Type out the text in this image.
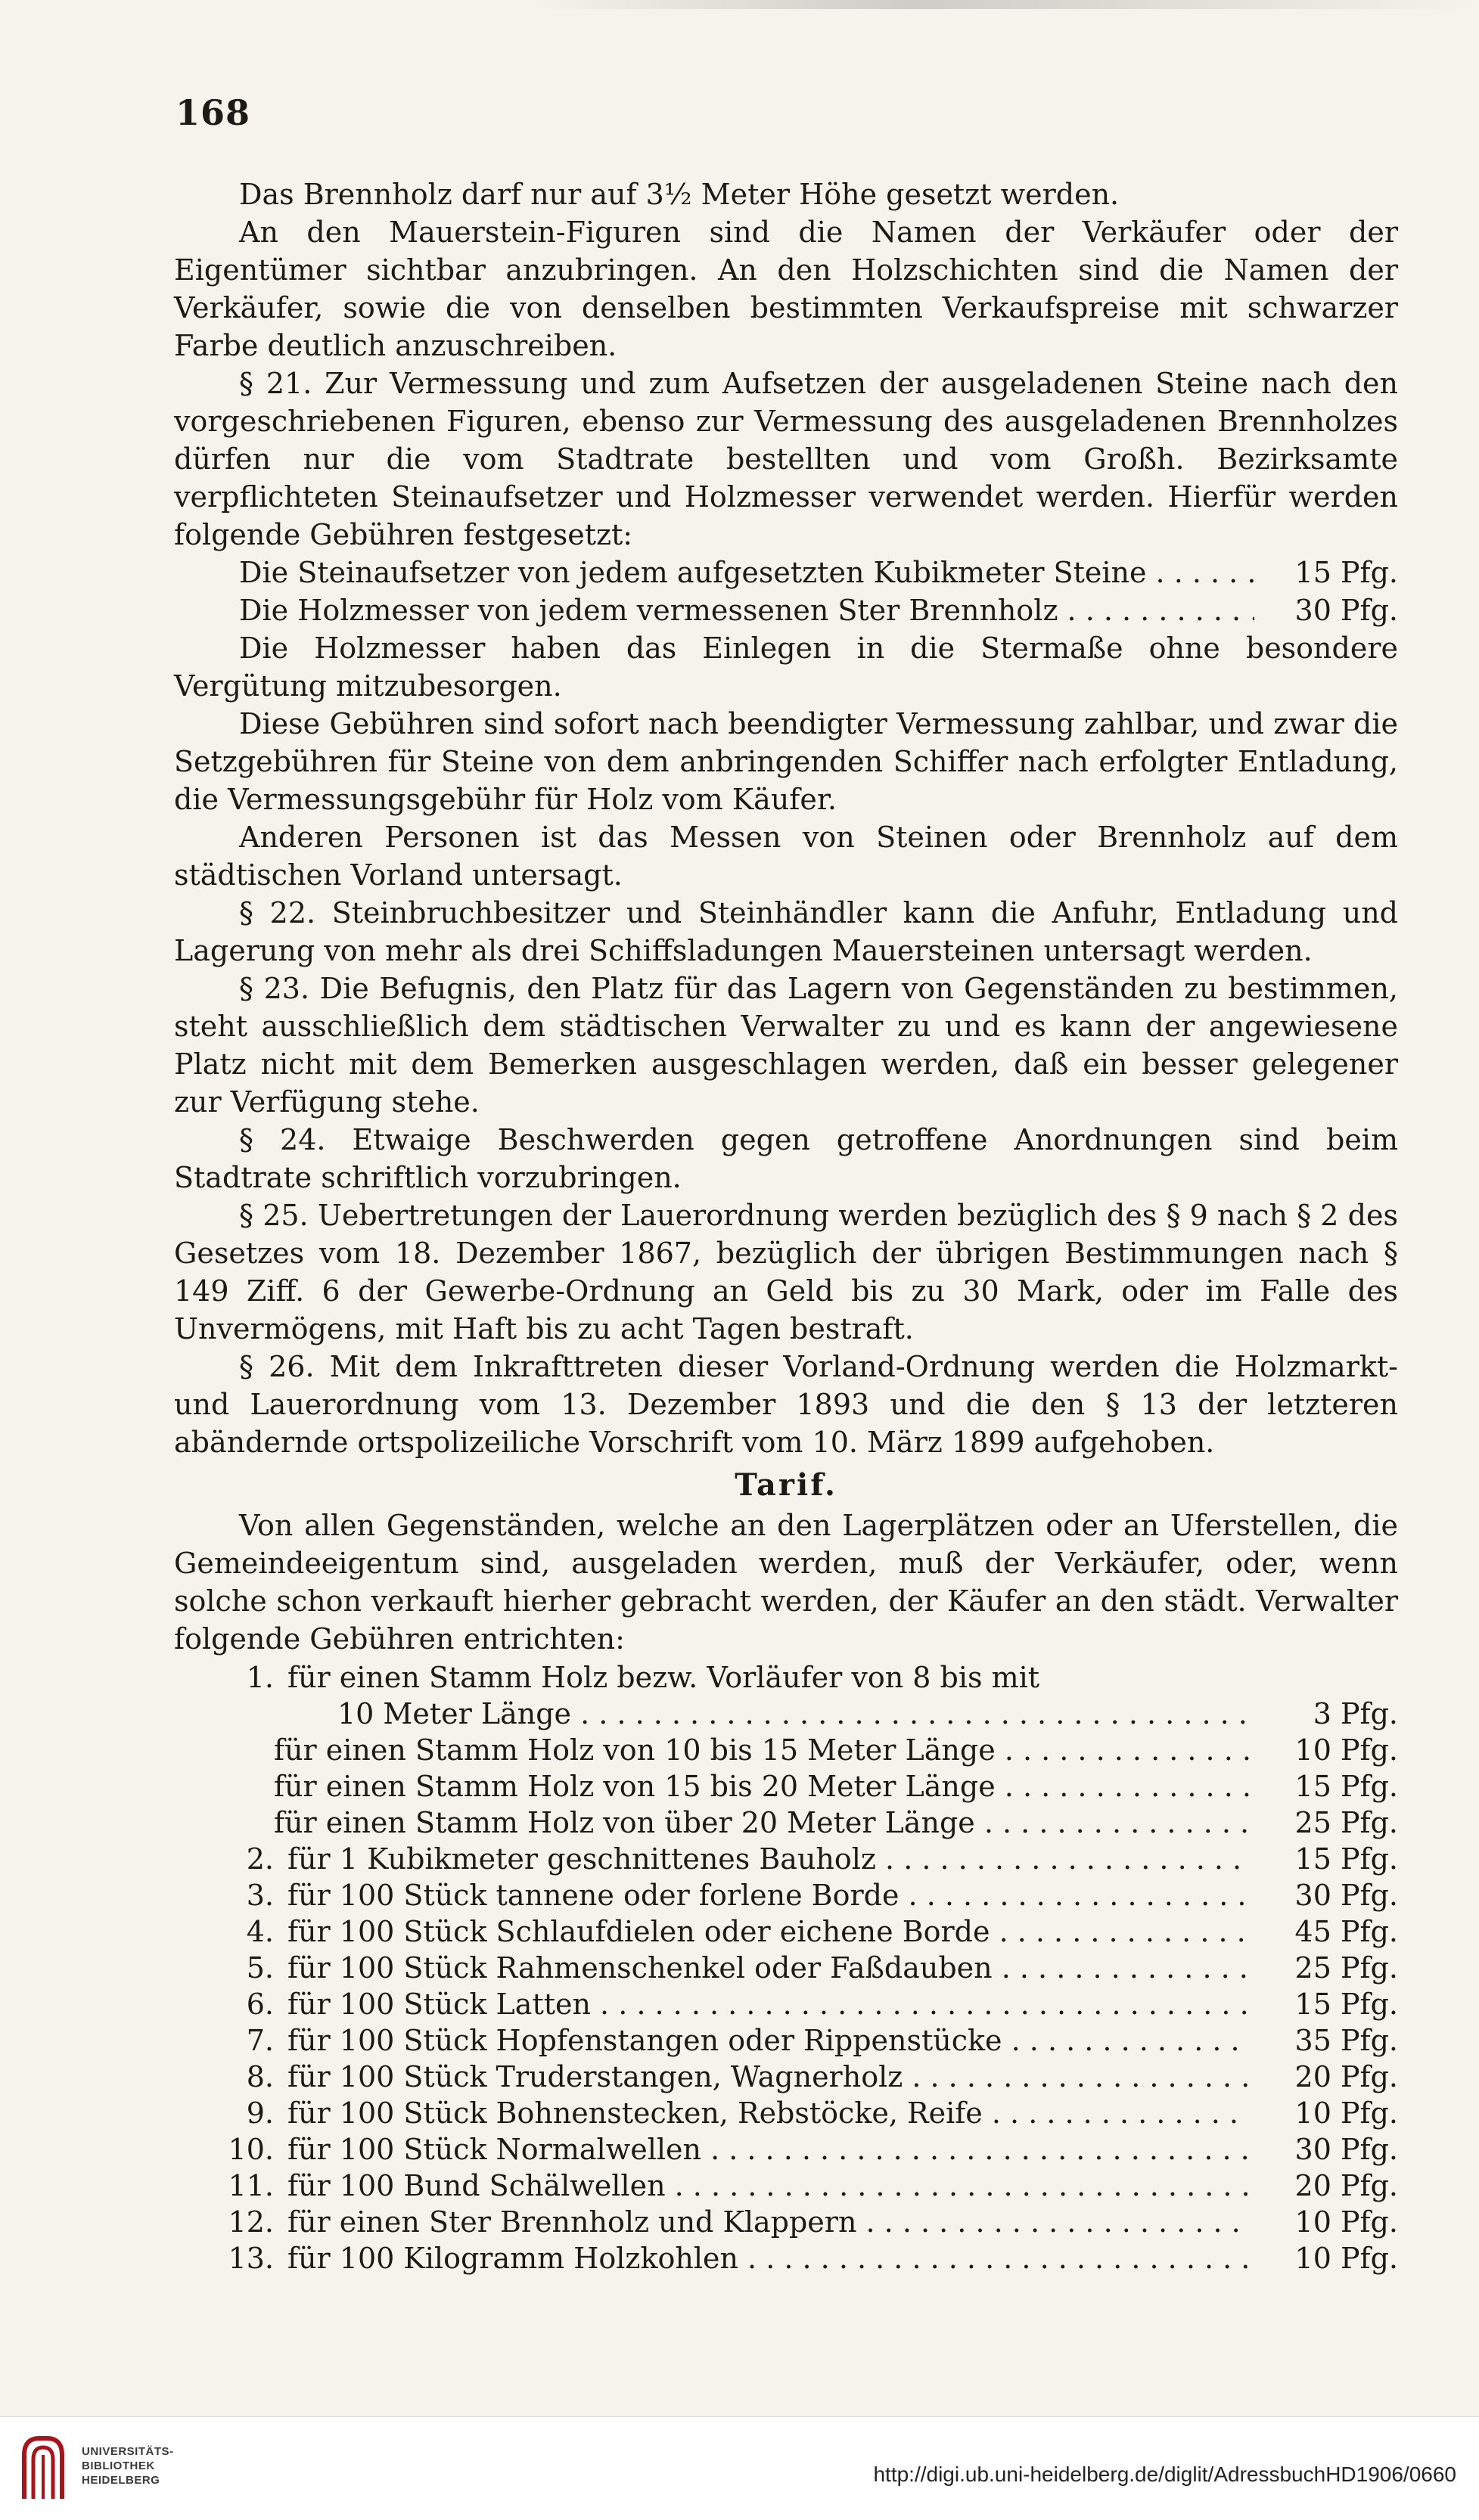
168

Das Brennholz darf nur auf 3½ Meter Höhe gesetzt werden.

An den Mauerstein-Figuren sind die Namen der Verkäufer oder der Eigentümer sichtbar anzubringen. An den Holzschichten sind die Namen der Verkäufer, sowie die von denselben bestimmten Verkaufspreise mit schwarzer Farbe deutlich anzuschreiben.

§ 21. Zur Vermessung und zum Aufsetzen der ausgeladenen Steine nach den vorgeschriebenen Figuren, ebenso zur Vermessung des ausgeladenen Brennholzes dürfen nur die vom Stadtrate bestellten und vom Großh. Bezirksamte verpflichteten Steinaufsetzer und Holzmesser verwendet werden. Hierfür werden folgende Gebühren festgesetzt:

Die Steinaufsetzer von jedem aufgesetzten Kubikmeter Steine . . .	15 Pfg.
Die Holzmesser von jedem vermessenen Ster Brennholz . . .	30 Pfg.

Die Holzmesser haben das Einlegen in die Stermaße ohne besondere Vergütung mitzubesorgen.

Diese Gebühren sind sofort nach beendigter Vermessung zahlbar, und zwar die Setzgebühren für Steine von dem anbringenden Schiffer nach erfolgter Entladung, die Vermessungsgebühr für Holz vom Käufer.

Anderen Personen ist das Messen von Steinen oder Brennholz auf dem städtischen Vorland untersagt.

§ 22. Steinbruchbesitzer und Steinhändler kann die Anfuhr, Entladung und Lagerung von mehr als drei Schiffsladungen Mauersteinen untersagt werden.

§ 23. Die Befugnis, den Platz für das Lagern von Gegenständen zu bestimmen, steht ausschließlich dem städtischen Verwalter zu und es kann der angewiesene Platz nicht mit dem Bemerken ausgeschlagen werden, daß ein besser gelegener zur Verfügung stehe.

§ 24. Etwaige Beschwerden gegen getroffene Anordnungen sind beim Stadtrate schriftlich vorzubringen.

§ 25. Uebertretungen der Lauerordnung werden bezüglich des § 9 nach § 2 des Gesetzes vom 18. Dezember 1867, bezüglich der übrigen Bestimmungen nach § 149 Ziff. 6 der Gewerbe-Ordnung an Geld bis zu 30 Mark, oder im Falle des Unvermögens, mit Haft bis zu acht Tagen bestraft.

§ 26. Mit dem Inkrafttreten dieser Vorland-Ordnung werden die Holzmarkt- und Lauerordnung vom 13. Dezember 1893 und die den § 13 der letzteren abändernde ortspolizeiliche Vorschrift vom 10. März 1899 aufgehoben.

Tarif.

Von allen Gegenständen, welche an den Lagerplätzen oder an Uferstellen, die Gemeindeeigentum sind, ausgeladen werden, muß der Verkäufer, oder, wenn solche schon verkauft hierher gebracht werden, der Käufer an den städt. Verwalter folgende Gebühren entrichten:

1. für einen Stamm Holz bezw. Vorläufer von 8 bis mit
10 Meter Länge . . .	3 Pfg.
für einen Stamm Holz von 10 bis 15 Meter Länge . . .	10 Pfg.
für einen Stamm Holz von 15 bis 20 Meter Länge . . .	15 Pfg.
für einen Stamm Holz von über 20 Meter Länge . . .	25 Pfg.
2. für 1 Kubikmeter geschnittenes Bauholz . . .	15 Pfg.
3. für 100 Stück tannene oder forlene Borde . . .	30 Pfg.
4. für 100 Stück Schlaufdielen oder eichene Borde . . .	45 Pfg.
5. für 100 Stück Rahmenschenkel oder Faßdauben . . .	25 Pfg.
6. für 100 Stück Latten . . .	15 Pfg.
7. für 100 Stück Hopfenstangen oder Rippenstücke . . .	35 Pfg.
8. für 100 Stück Truderstangen, Wagnerholz . . .	20 Pfg.
9. für 100 Stück Bohnenstecken, Rebstöcke, Reife . . .	10 Pfg.
10. für 100 Stück Normalwellen . . .	30 Pfg.
11. für 100 Bund Schälwellen . . .	20 Pfg.
12. für einen Ster Brennholz und Klappern . . .	10 Pfg.
13. für 100 Kilogramm Holzkohlen . . .	10 Pfg.
UNIVERSITÄTS-
BIBLIOTHEK
HEIDELBERG	http://digi.ub.uni-heidelberg.de/diglit/AdressbuchHD1906/0660
